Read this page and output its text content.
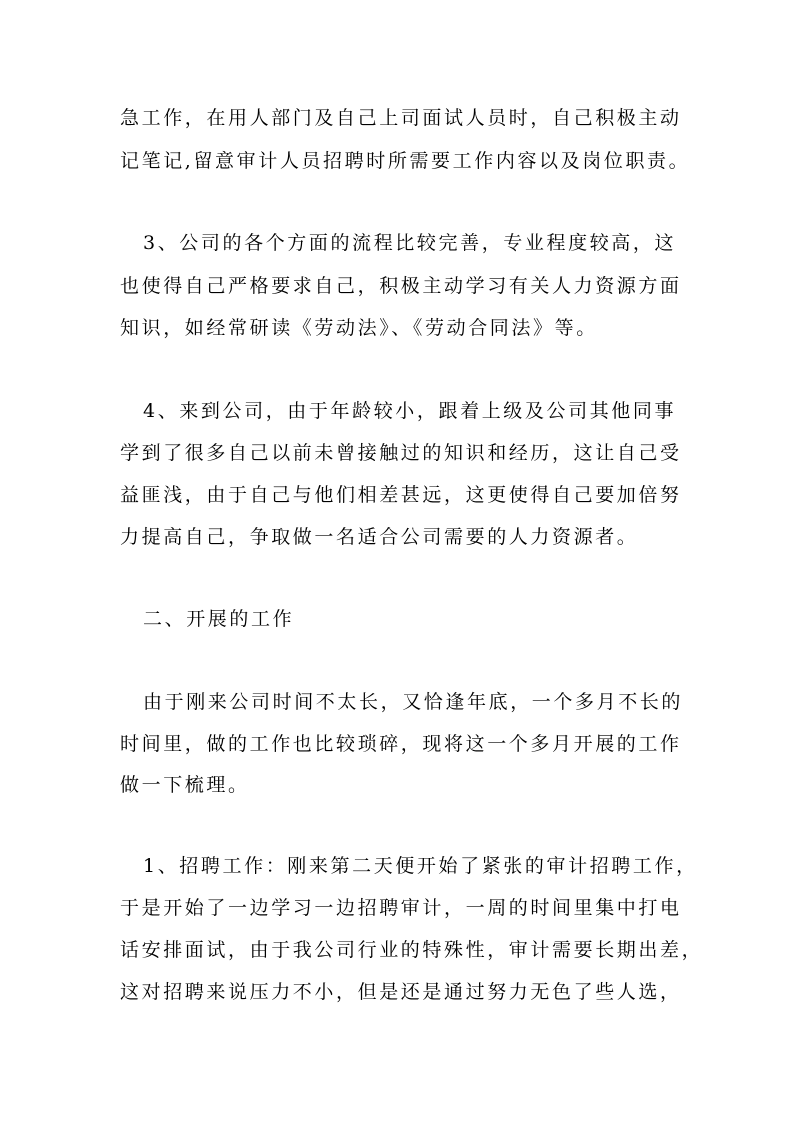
急工作，在用人部门及自己上司面试人员时，自己积极主动
记笔记,留意审计人员招聘时所需要工作内容以及岗位职责。
3、公司的各个方面的流程比较完善，专业程度较高，这
也使得自己严格要求自己，积极主动学习有关人力资源方面
知识，如经常研读《劳动法》、《劳动合同法》等。
4、来到公司，由于年龄较小，跟着上级及公司其他同事
学到了很多自己以前未曾接触过的知识和经历，这让自己受
益匪浅，由于自己与他们相差甚远，这更使得自己要加倍努
力提高自己，争取做一名适合公司需要的人力资源者。
二、开展的工作
由于刚来公司时间不太长，又恰逢年底，一个多月不长的
时间里，做的工作也比较琐碎，现将这一个多月开展的工作
做一下梳理。
1、招聘工作：刚来第二天便开始了紧张的审计招聘工作，
于是开始了一边学习一边招聘审计，一周的时间里集中打电
话安排面试，由于我公司行业的特殊性，审计需要长期出差，
这对招聘来说压力不小，但是还是通过努力无色了些人选，
